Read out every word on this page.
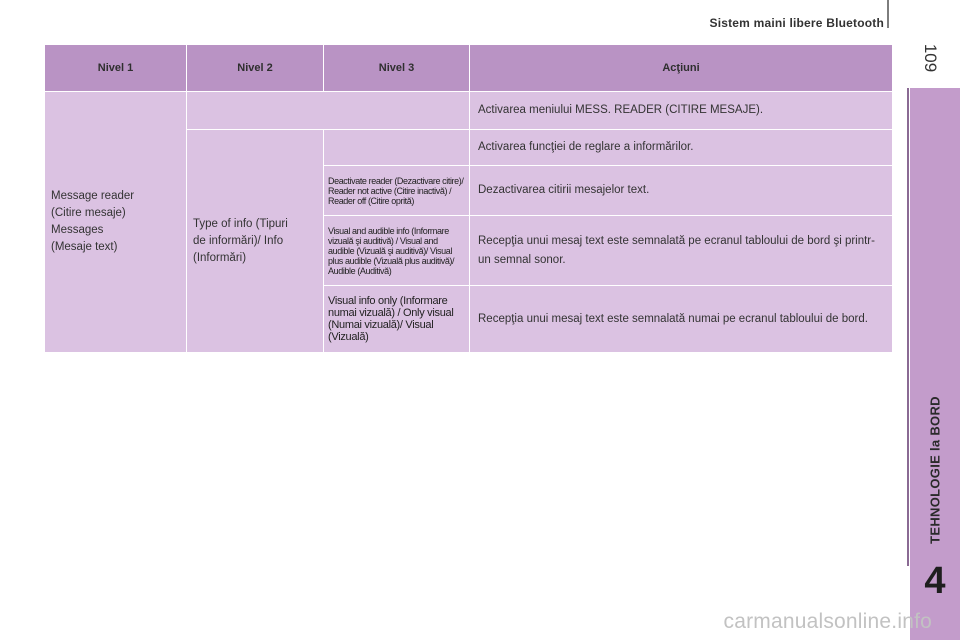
Sistem maini libere Bluetooth
109
TEHNOLOGIE la BORD
4
Nivel 1	Nivel 2	Nivel 3	Acţiuni
Message reader
(Citire mesaje)
Messages
(Mesaje text)			Activarea meniului MESS. READER (CITIRE MESAJE).
	Type of info (Tipuri
de informări)/ Info
(Informări)		Activarea funcţiei de reglare a informărilor.
		Deactivate reader (Dezactivare citire)/ Reader not active (Citire inactivă) / Reader off (Citire oprită)	Dezactivarea citirii mesajelor text.
		Visual and audible info (Informare vizuală şi auditivă) / Visual and audible (Vizuală şi auditivă)/ Visual plus audible (Vizuală plus auditivă)/ Audible (Auditivă)	Recepţia unui mesaj text este semnalată pe ecranul tabloului de bord şi printr-un semnal sonor.
		Visual info only (Informare numai vizuală) / Only visual (Numai vizuală)/ Visual (Vizuală)	Recepţia unui mesaj text este semnalată numai pe ecranul tabloului de bord.
carmanualsonline.info
